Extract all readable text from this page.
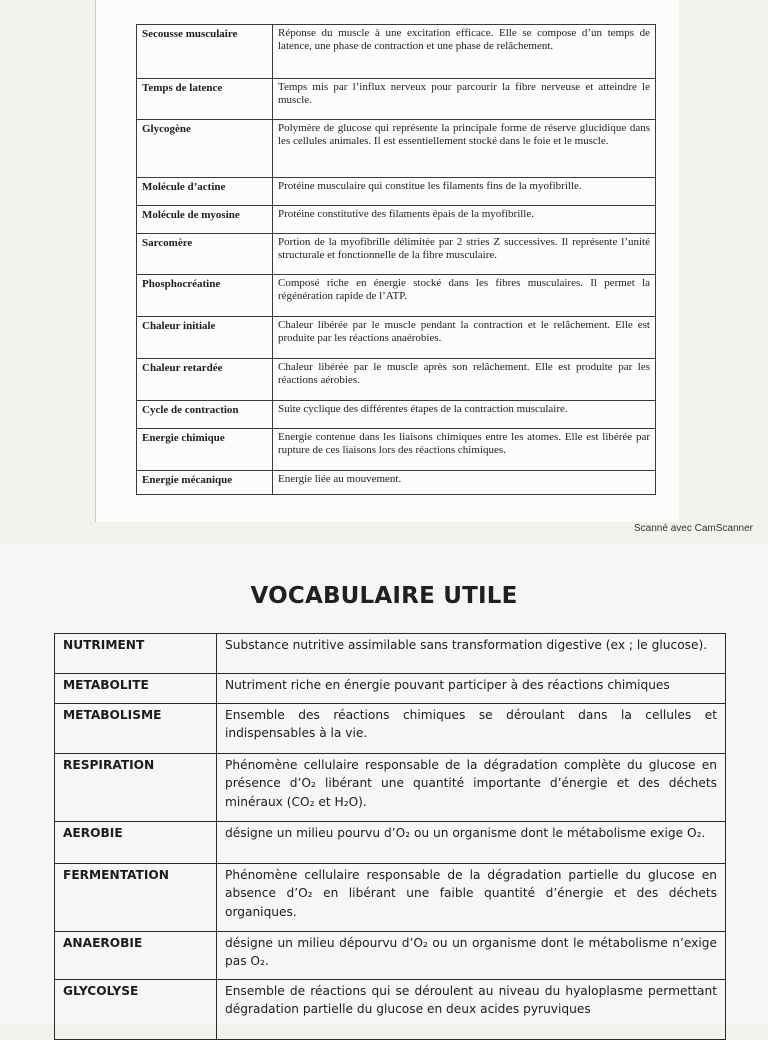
Secousse musculaire	Réponse du muscle à une excitation efficace. Elle se compose d’un temps de latence, une phase de contraction et une phase de relâchement.
Temps de latence	Temps mis par l’influx nerveux pour parcourir la fibre nerveuse et atteindre le muscle.
Glycogène	Polymère de glucose qui représente la principale forme de réserve glucidique dans les cellules animales. Il est essentiellement stocké dans le foie et le muscle.
Molécule d’actine	Protéine musculaire qui constitue les filaments fins de la myofibrille.
Molécule de myosine	Protéine constitutive des filaments épais de la myofibrille.
Sarcomère	Portion de la myofibrille délimitée par 2 stries Z successives. Il représente l’unité structurale et fonctionnelle de la fibre musculaire.
Phosphocréatine	Composé riche en énergie stocké dans les fibres musculaires. Il permet la régénération rapide de l’ATP.
Chaleur initiale	Chaleur libérée par le muscle pendant la contraction et le relâchement. Elle est produite par les réactions anaérobies.
Chaleur retardée	Chaleur libérée par le muscle après son relâchement. Elle est produite par les réactions aérobies.
Cycle de contraction	Suite cyclique des différentes étapes de la contraction musculaire.
Energie chimique	Energie contenue dans les liaisons chimiques entre les atomes. Elle est libérée par rupture de ces liaisons lors des réactions chimiques.
Energie mécanique	Energie liée au mouvement.
Scanné avec CamScanner
VOCABULAIRE UTILE
NUTRIMENT	Substance nutritive assimilable sans transformation digestive (ex ; le glucose).
METABOLITE	Nutriment riche en énergie pouvant participer à des réactions chimiques
METABOLISME	Ensemble des réactions chimiques se déroulant dans la cellules et indispensables à la vie.
RESPIRATION	Phénomène cellulaire responsable de la dégradation complète du glucose en présence d’O₂ libérant une quantité importante d’énergie et des déchets minéraux (CO₂ et H₂O).
AEROBIE	désigne un milieu pourvu d’O₂ ou un organisme dont le métabolisme exige O₂.
FERMENTATION	Phénomène cellulaire responsable de la dégradation partielle du glucose en absence d’O₂ en libérant une faible quantité d’énergie et des déchets organiques.
ANAEROBIE	désigne un milieu dépourvu d’O₂ ou un organisme dont le métabolisme n’exige pas O₂.
GLYCOLYSE	Ensemble de réactions qui se déroulent au niveau du hyaloplasme permettant dégradation partielle du glucose en deux acides pyruviques
